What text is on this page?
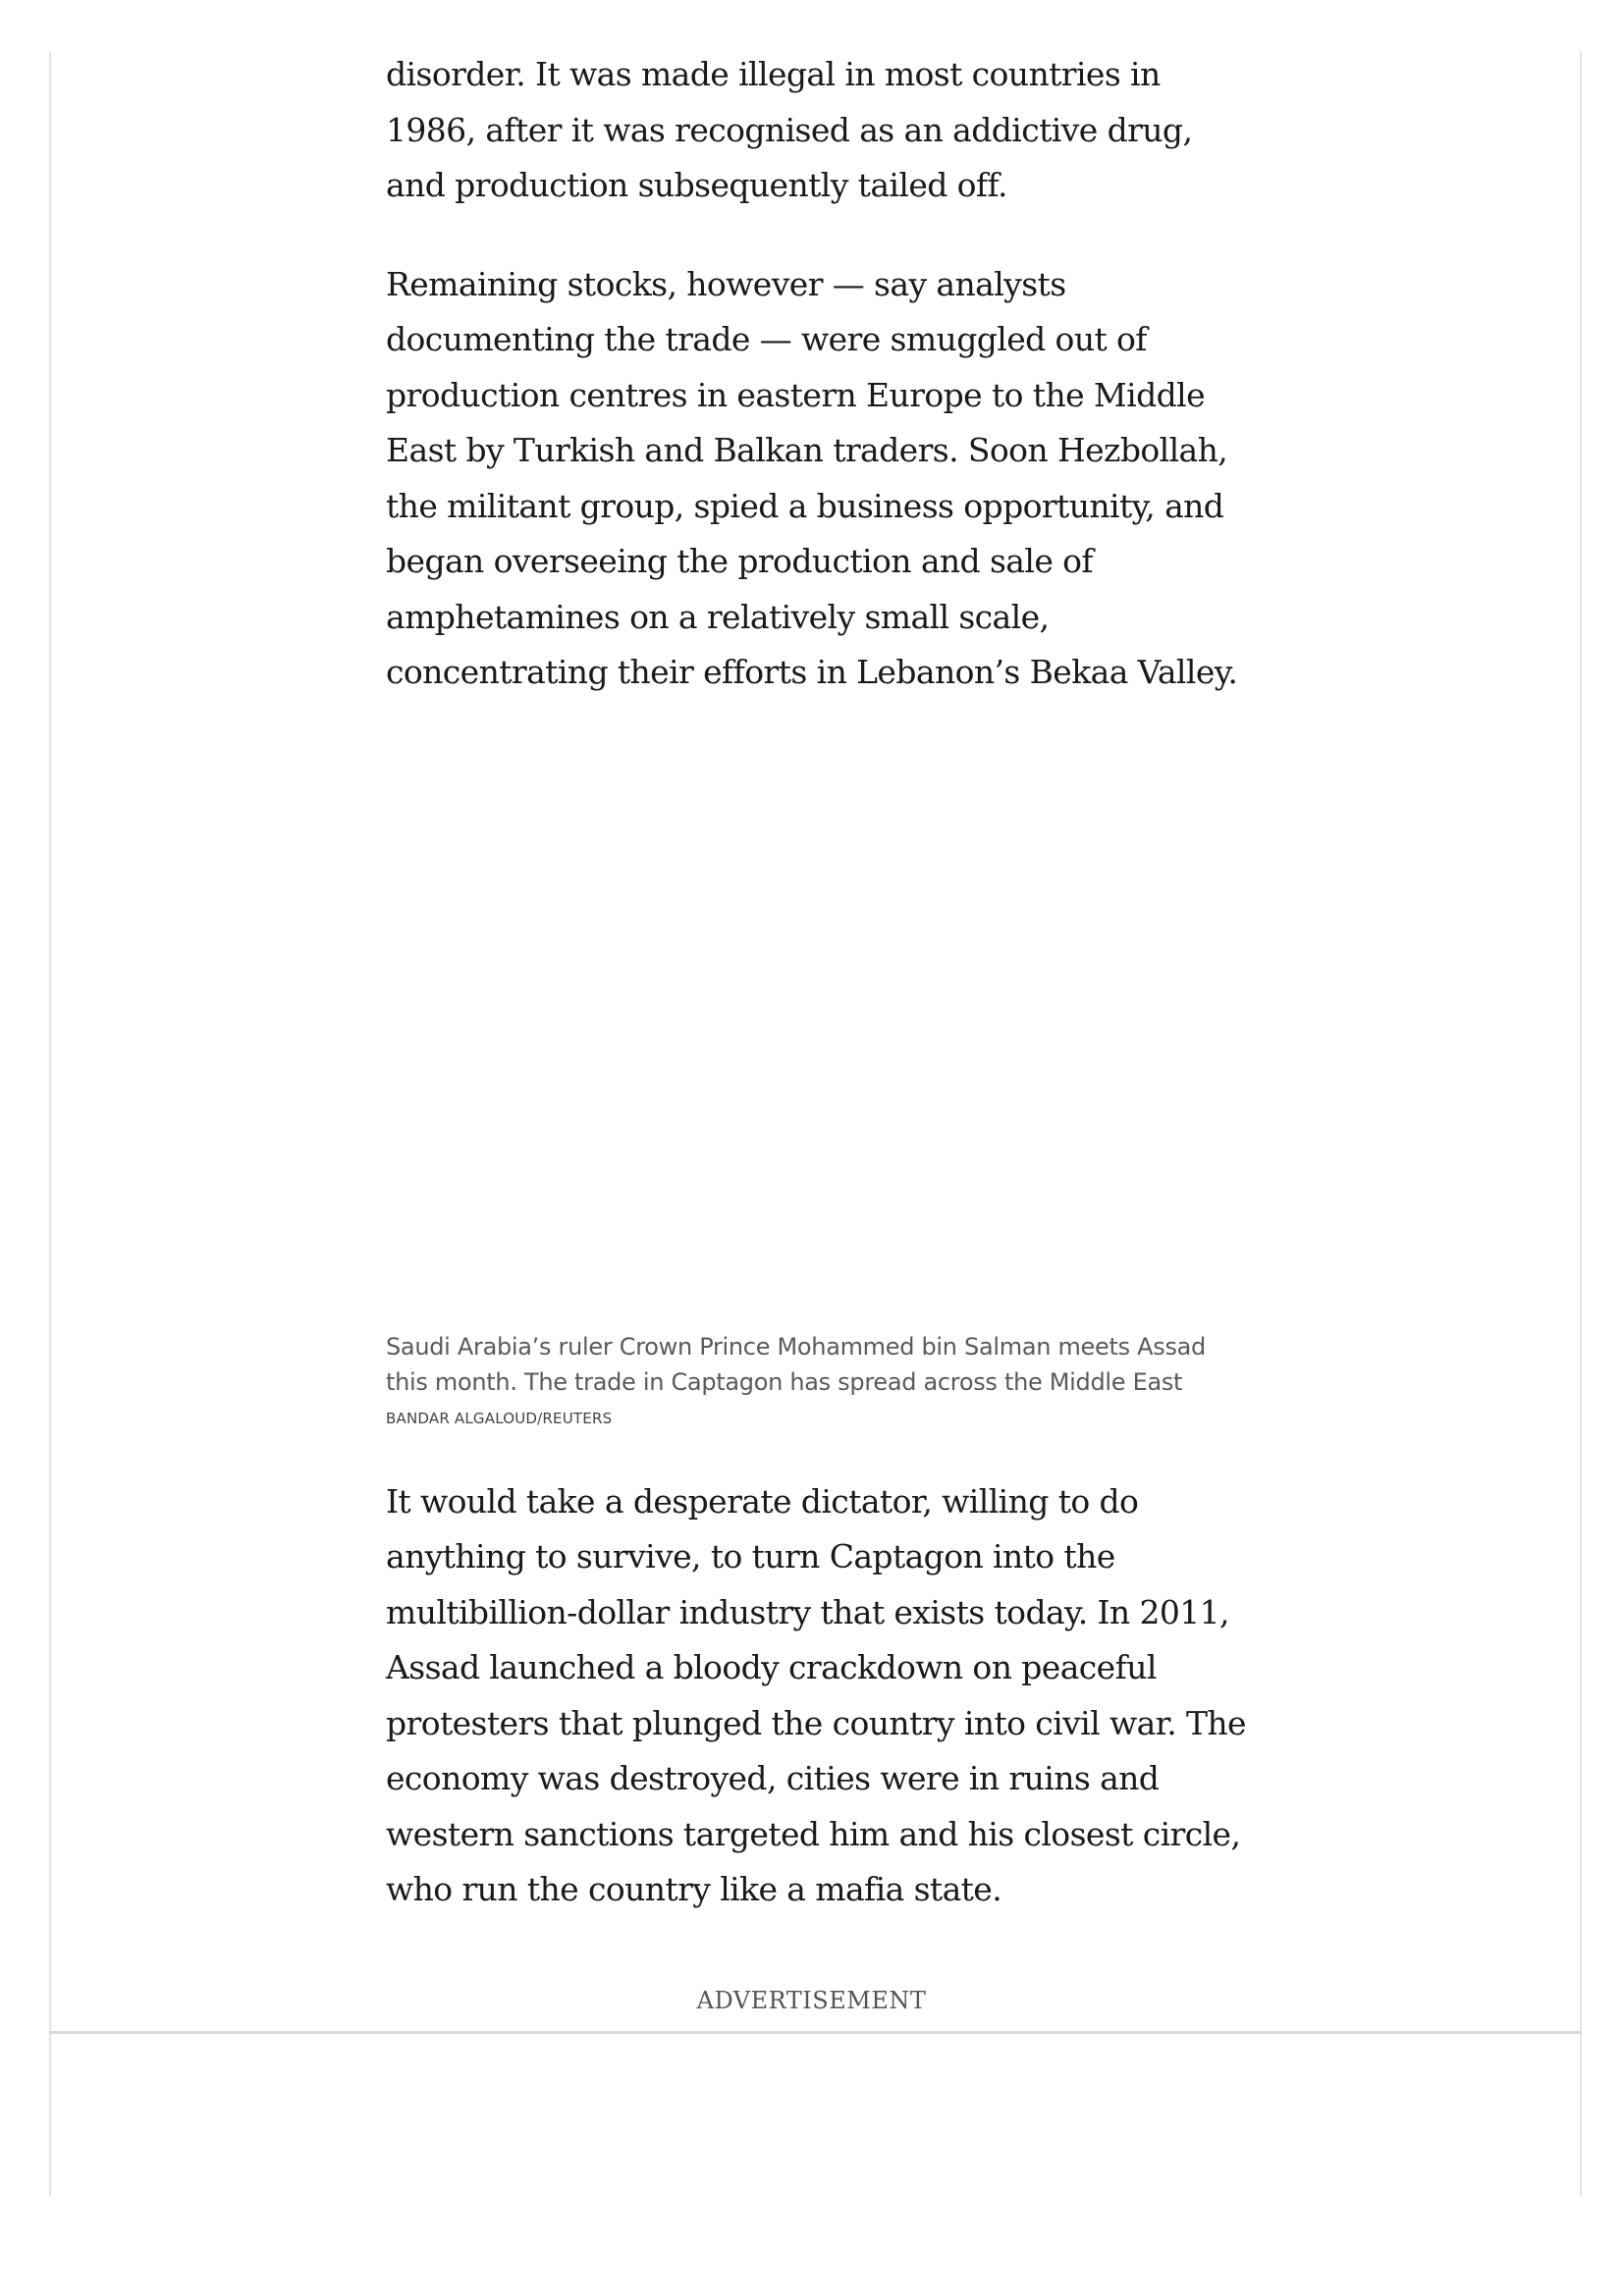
disorder. It was made illegal in most countries in 1986, after it was recognised as an addictive drug, and production subsequently tailed off.

Remaining stocks, however — say analysts documenting the trade — were smuggled out of production centres in eastern Europe to the Middle East by Turkish and Balkan traders. Soon Hezbollah, the militant group, spied a business opportunity, and began overseeing the production and sale of amphetamines on a relatively small scale, concentrating their efforts in Lebanon’s Bekaa Valley.

Saudi Arabia’s ruler Crown Prince Mohammed bin Salman meets Assad this month. The trade in Captagon has spread across the Middle East

BANDAR ALGALOUD/REUTERS

It would take a desperate dictator, willing to do anything to survive, to turn Captagon into the multibillion-dollar industry that exists today. In 2011, Assad launched a bloody crackdown on peaceful protesters that plunged the country into civil war. The economy was destroyed, cities were in ruins and western sanctions targeted him and his closest circle, who run the country like a mafia state.

ADVERTISEMENT
